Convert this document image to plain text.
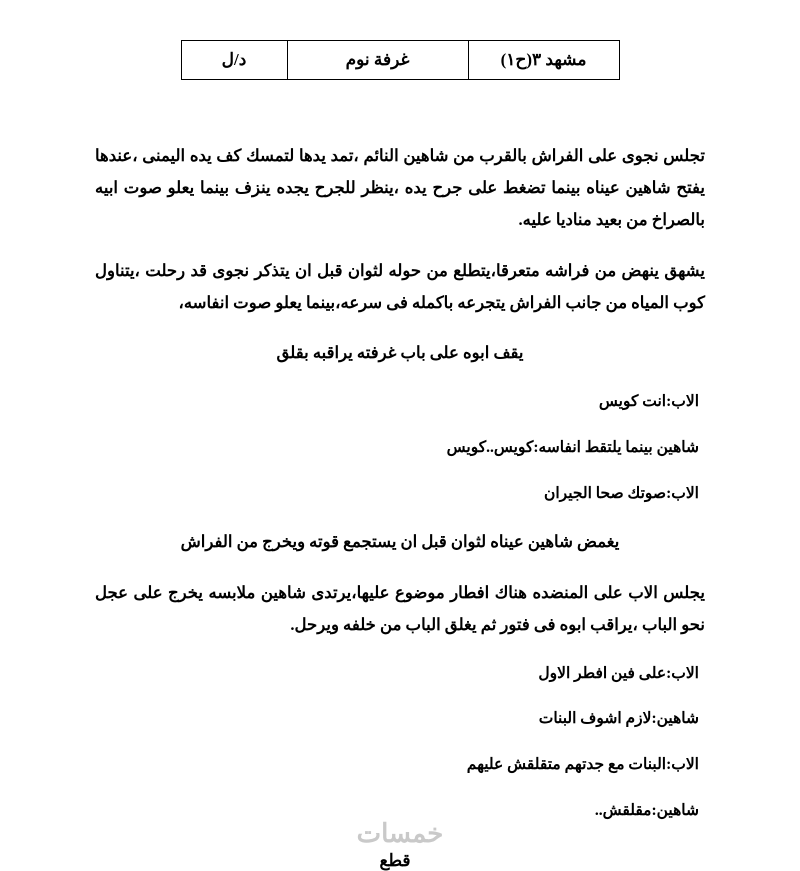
مشهد ٣(ح١)	غرفة نوم	د/ل

تجلس نجوى على الفراش بالقرب من شاهين النائم ،تمد يدها لتمسك كف يده اليمنى ،عندها يفتح شاهين عيناه بينما تضغط على جرح يده ،ينظر للجرح يجده ينزف بينما يعلو صوت ابيه بالصراخ من بعيد مناديا عليه.

يشهق ينهض من فراشه متعرقا،يتطلع من حوله لثوان قبل ان يتذكر نجوى قد رحلت ،يتناول كوب المياه من جانب الفراش يتجرعه باكمله فى سرعه،بينما يعلو صوت انفاسه،

يقف ابوه على باب غرفته يراقبه بقلق

الاب:انت كويس

شاهين بينما يلتقط انفاسه:كويس..كويس

الاب:صوتك صحا الجيران

يغمض شاهين عيناه لثوان قبل ان يستجمع قوته ويخرج من الفراش

يجلس الاب على المنضده هناك افطار موضوع عليها،يرتدى شاهين ملابسه يخرج على عجل نحو الباب ،يراقب ابوه فى فتور ثم يغلق الباب من خلفه ويرحل.

الاب:على فين افطر الاول

شاهين:لازم اشوف البنات

الاب:البنات مع جدتهم متقلقش عليهم

شاهين:مقلقش..

قطع

خمسات
